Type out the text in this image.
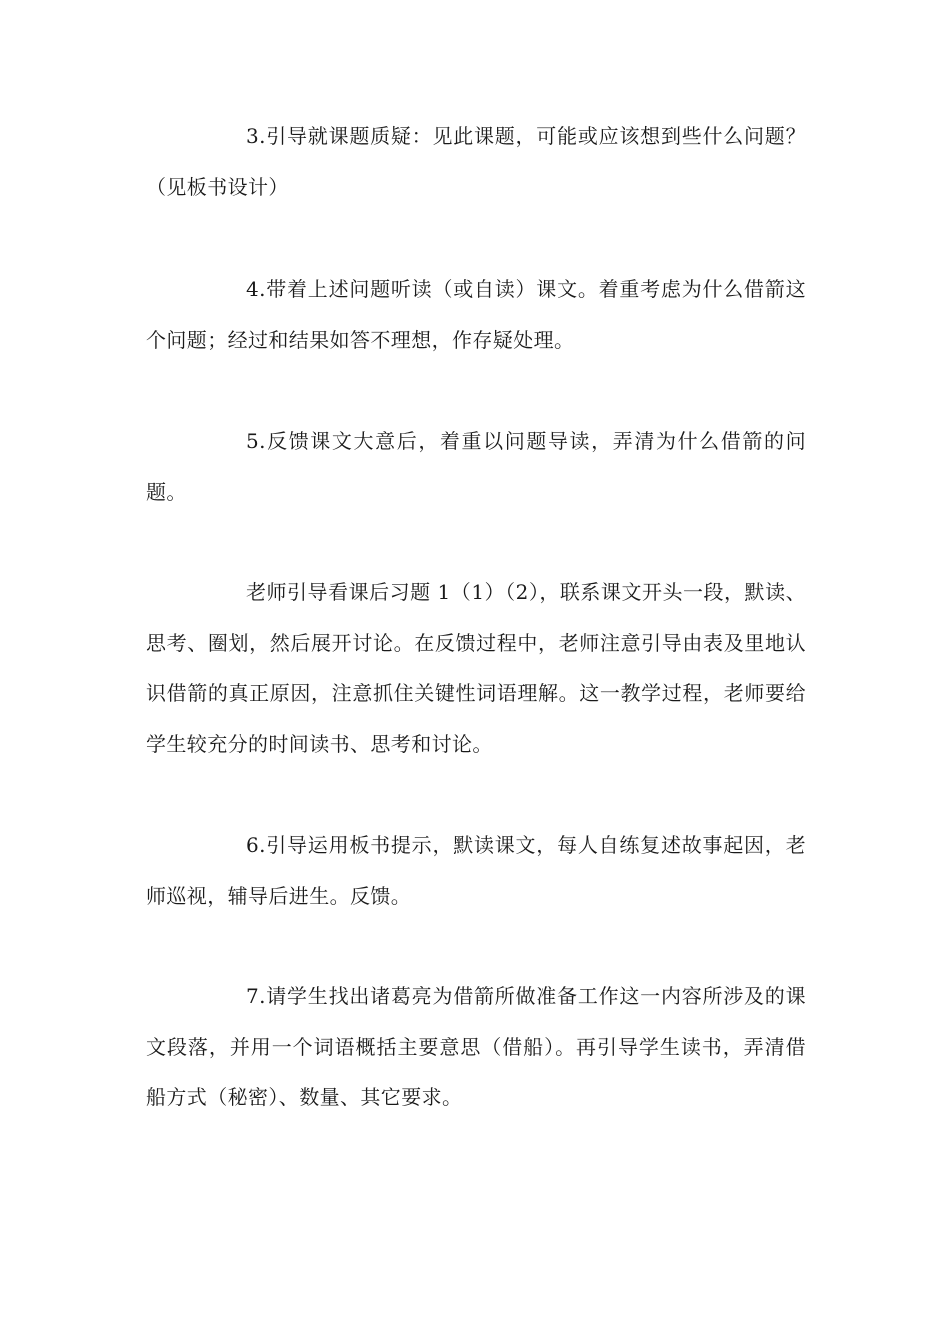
3.引导就课题质疑：见此课题，可能或应该想到些什么问题？（见板书设计）

4.带着上述问题听读（或自读）课文。着重考虑为什么借箭这个问题；经过和结果如答不理想，作存疑处理。

5.反馈课文大意后，着重以问题导读，弄清为什么借箭的问题。

老师引导看课后习题 1（1）（2），联系课文开头一段，默读、思考、圈划，然后展开讨论。在反馈过程中，老师注意引导由表及里地认识借箭的真正原因，注意抓住关键性词语理解。这一教学过程，老师要给学生较充分的时间读书、思考和讨论。

6.引导运用板书提示，默读课文，每人自练复述故事起因，老师巡视，辅导后进生。反馈。

7.请学生找出诸葛亮为借箭所做准备工作这一内容所涉及的课文段落，并用一个词语概括主要意思（借船）。再引导学生读书，弄清借船方式（秘密）、数量、其它要求。
